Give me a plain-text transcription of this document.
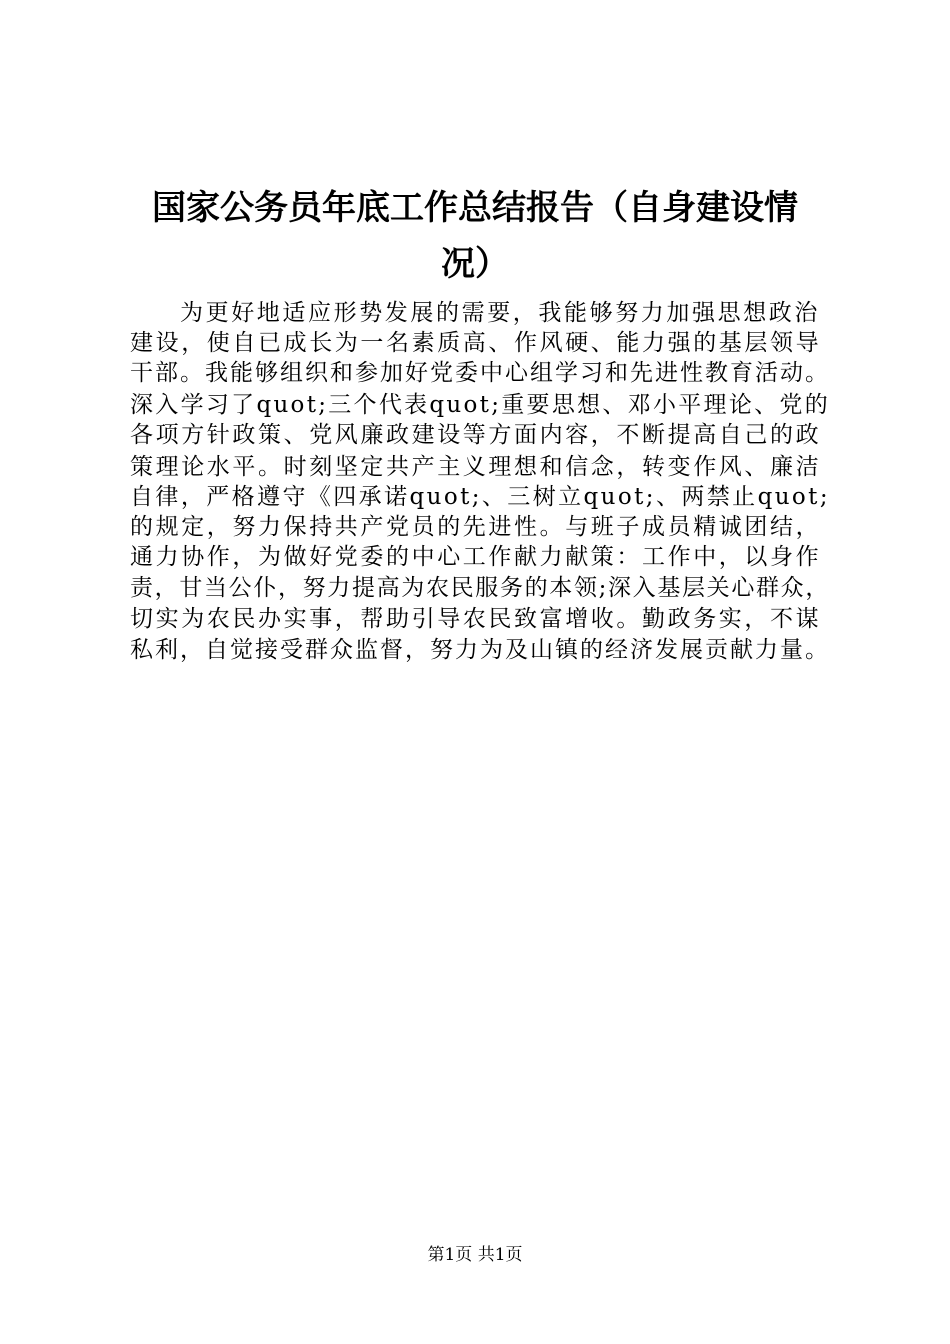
国家公务员年底工作总结报告（自身建设情
况）

为更好地适应形势发展的需要，我能够努力加强思想政治

建设，使自已成长为一名素质高、作风硬、能力强的基层领导

干部。我能够组织和参加好党委中心组学习和先进性教育活动。

深入学习了quot;三个代表quot;重要思想、邓小平理论、党的

各项方针政策、党风廉政建设等方面内容，不断提高自己的政

策理论水平。时刻坚定共产主义理想和信念，转变作风、廉洁

自律，严格遵守《四承诺quot;、三树立quot;、两禁止quot;

的规定，努力保持共产党员的先进性。与班子成员精诚团结，

通力协作，为做好党委的中心工作献力献策：工作中，以身作

责，甘当公仆，努力提高为农民服务的本领;深入基层关心群众，

切实为农民办实事，帮助引导农民致富增收。勤政务实，不谋

私利，自觉接受群众监督，努力为及山镇的经济发展贡献力量。

第1页 共1页
